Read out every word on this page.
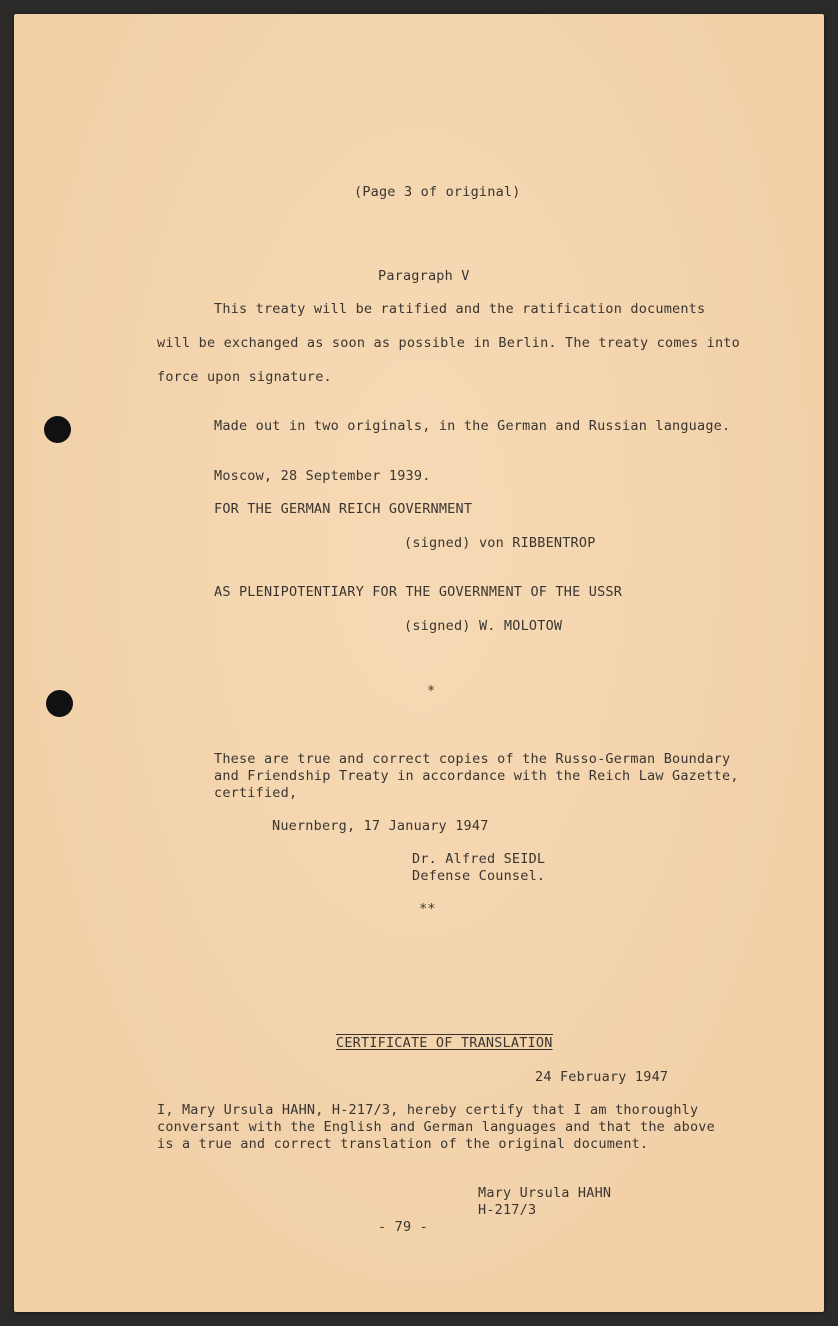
(Page 3 of original)
Paragraph V
This treaty will be ratified and the ratification documents
will be exchanged as soon as possible in Berlin. The treaty comes into
force upon signature.
Made out in two originals, in the German and Russian language.
Moscow, 28 September 1939.
FOR THE GERMAN REICH GOVERNMENT
(signed) von RIBBENTROP
AS PLENIPOTENTIARY FOR THE GOVERNMENT OF THE USSR
(signed) W. MOLOTOW
*
These are true and correct copies of the Russo-German Boundary
and Friendship Treaty in accordance with the Reich Law Gazette,
certified,
Nuernberg, 17 January 1947
Dr. Alfred SEIDL
Defense Counsel.
**
CERTIFICATE OF TRANSLATION
24 February 1947
I, Mary Ursula HAHN, H-217/3, hereby certify that I am thoroughly
conversant with the English and German languages and that the above
is a true and correct translation of the original document.
Mary Ursula HAHN
H-217/3
- 79 -
